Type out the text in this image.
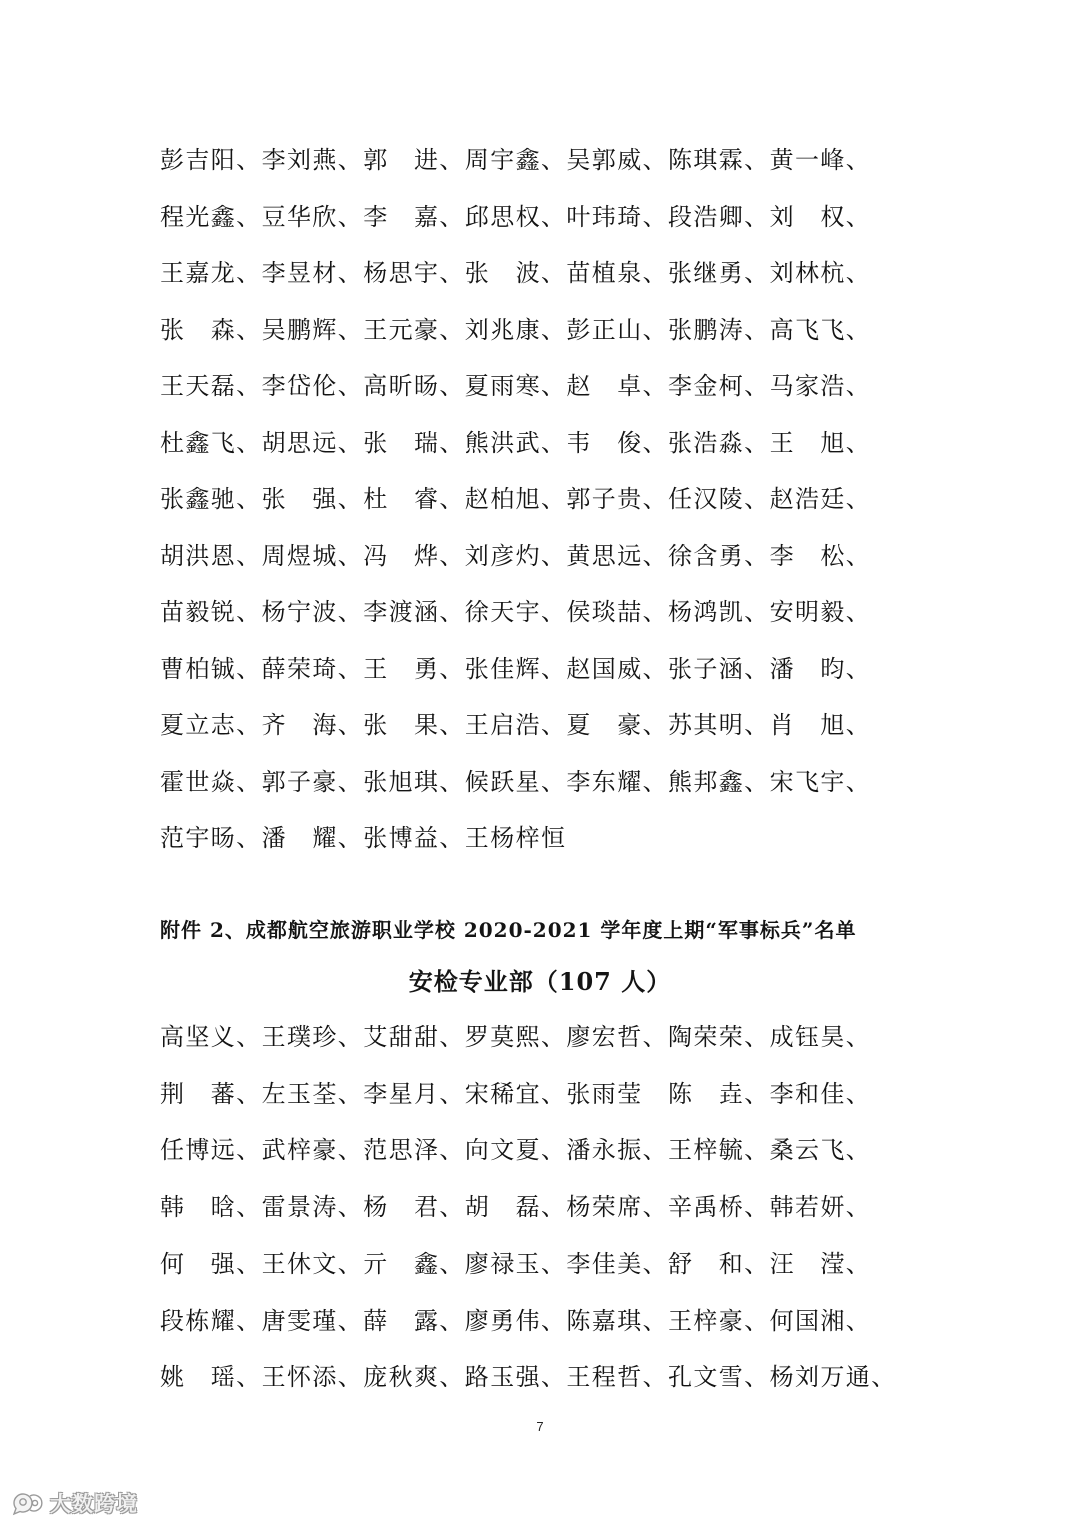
彭吉阳、李刘燕、郭　进、周宇鑫、吴郭威、陈琪霖、黄一峰、
程光鑫、豆华欣、李　嘉、邱思权、叶玮琦、段浩卿、刘　权、
王嘉龙、李昱材、杨思宇、张　波、苗植泉、张继勇、刘林杭、
张　森、吴鹏辉、王元豪、刘兆康、彭正山、张鹏涛、高飞飞、
王天磊、李岱伦、高昕旸、夏雨寒、赵　卓、李金柯、马家浩、
杜鑫飞、胡思远、张　瑞、熊洪武、韦　俊、张浩淼、王　旭、
张鑫驰、张　强、杜　睿、赵柏旭、郭子贵、任汉陵、赵浩廷、
胡洪恩、周煜城、冯　烨、刘彦灼、黄思远、徐含勇、李　松、
苗毅锐、杨宁波、李渡涵、徐天宇、侯琰喆、杨鸿凯、安明毅、
曹柏铖、薛荣琦、王　勇、张佳辉、赵国威、张子涵、潘　昀、
夏立志、齐　海、张　果、王启浩、夏　豪、苏其明、肖　旭、
霍世焱、郭子豪、张旭琪、候跃星、李东耀、熊邦鑫、宋飞宇、
范宇旸、潘　耀、张博益、王杨梓恒
附件 2、成都航空旅游职业学校 2020-2021 学年度上期“军事标兵”名单
安检专业部（107 人）
高坚义、王璞珍、艾甜甜、罗莫熙、廖宏哲、陶荣荣、成钰昊、
荆　蕃、左玉荃、李星月、宋稀宜、张雨莹　陈　垚、李和佳、
任博远、武梓豪、范思泽、向文夏、潘永振、王梓毓、桑云飞、
韩　晗、雷景涛、杨　君、胡　磊、杨荣席、辛禹桥、韩若妍、
何　强、王休文、亓　鑫、廖禄玉、李佳美、舒　和、汪　滢、
段栋耀、唐雯瑾、薛　露、廖勇伟、陈嘉琪、王梓豪、何国湘、
姚　瑶、王怀添、庞秋爽、路玉强、王程哲、孔文雪、杨刘万通、
7
大数跨境
